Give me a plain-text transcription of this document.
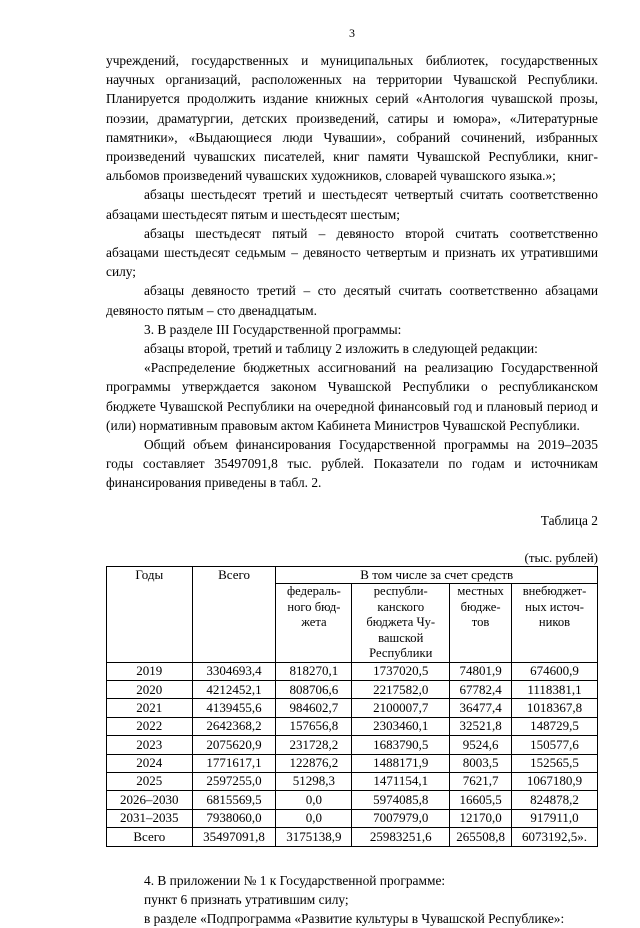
3

учреждений, государственных и муниципальных библиотек, государственных научных организаций, расположенных на территории Чувашской Республики. Планируется продолжить издание книжных серий «Антология чувашской прозы, поэзии, драматургии, детских произведений, сатиры и юмора», «Литературные памятники», «Выдающиеся люди Чувашии», собраний сочинений, избранных произведений чувашских писателей, книг памяти Чувашской Республики, книг-альбомов произведений чувашских художников, словарей чувашского языка.»;

абзацы шестьдесят третий и шестьдесят четвертый считать соответственно абзацами шестьдесят пятым и шестьдесят шестым;

абзацы шестьдесят пятый – девяносто второй считать соответственно абзацами шестьдесят седьмым – девяносто четвертым и признать их утратившими силу;

абзацы девяносто третий – сто десятый считать соответственно абзацами девяносто пятым – сто двенадцатым.

3. В разделе III Государственной программы:

абзацы второй, третий и таблицу 2 изложить в следующей редакции:

«Распределение бюджетных ассигнований на реализацию Государственной программы утверждается законом Чувашской Республики о республиканском бюджете Чувашской Республики на очередной финансовый год и плановый период и (или) нормативным правовым актом Кабинета Министров Чувашской Республики.

Общий объем финансирования Государственной программы на 2019–2035 годы составляет 35497091,8 тыс. рублей. Показатели по годам и источникам финансирования приведены в табл. 2.

Таблица 2
(тыс. рублей)
Годы	Всего	В том числе за счет средств			
		федераль-ного бюд-жета	республи-канского бюджета Чу-вашской Республики	местных бюдже-тов	внебюджет-ных источ-ников
2019	3304693,4	818270,1	1737020,5	74801,9	674600,9
2020	4212452,1	808706,6	2217582,0	67782,4	1118381,1
2021	4139455,6	984602,7	2100007,7	36477,4	1018367,8
2022	2642368,2	157656,8	2303460,1	32521,8	148729,5
2023	2075620,9	231728,2	1683790,5	9524,6	150577,6
2024	1771617,1	122876,2	1488171,9	8003,5	152565,5
2025	2597255,0	51298,3	1471154,1	7621,7	1067180,9
2026–2030	6815569,5	0,0	5974085,8	16605,5	824878,2
2031–2035	7938060,0	0,0	7007979,0	12170,0	917911,0
Всего	35497091,8	3175138,9	25983251,6	265508,8	6073192,5».

4. В приложении № 1 к Государственной программе:

пункт 6 признать утратившим силу;

в разделе «Подпрограмма «Развитие культуры в Чувашской Республике»:
